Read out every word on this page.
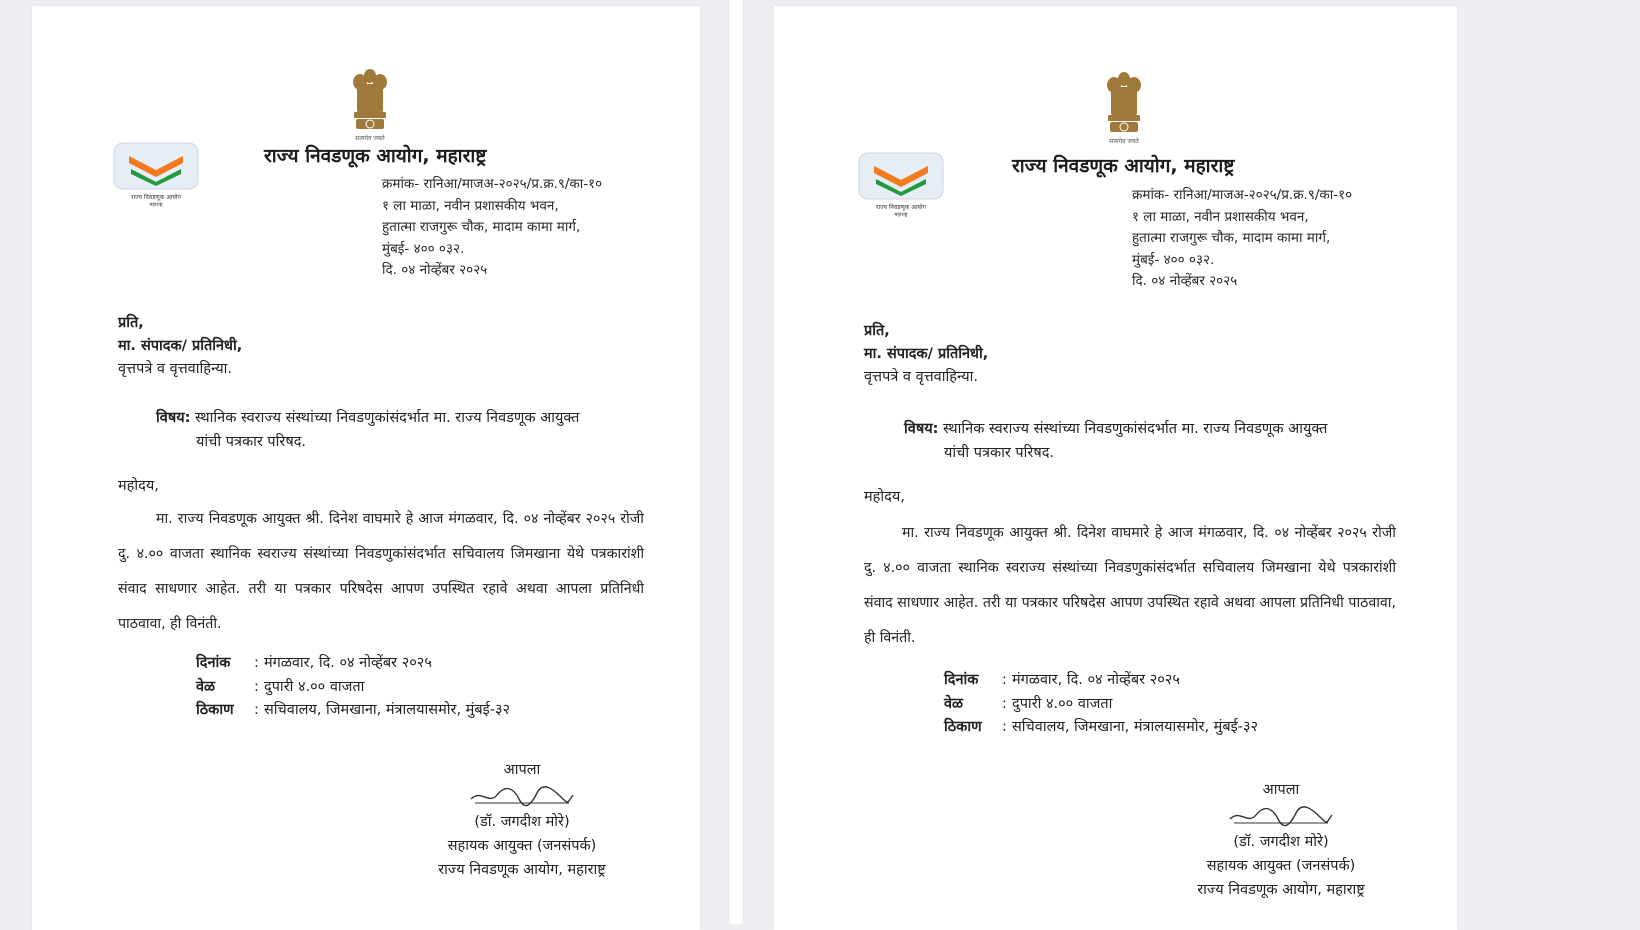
सत्यमेव जयते
राज्य निवडणूक आयोग
महाराष्ट्र
राज्य निवडणूक आयोग, महाराष्ट्र
क्रमांक- रानिआ/माजअ-२०२५/प्र.क्र.९/का-१०
१ ला माळा, नवीन प्रशासकीय भवन,
हुतात्मा राजगुरू चौक, मादाम कामा मार्ग,
मुंबई- ४०० ०३२.
दि. ०४ नोव्हेंबर २०२५
प्रति,
मा. संपादक/ प्रतिनिधी,
वृत्तपत्रे व वृत्तवाहिन्या.
विषय: स्थानिक स्वराज्य संस्थांच्या निवडणुकांसंदर्भात मा. राज्य निवडणूक आयुक्त
यांची पत्रकार परिषद.
महोदय,
मा. राज्य निवडणूक आयुक्त श्री. दिनेश वाघमारे हे आज मंगळवार, दि. ०४ नोव्हेंबर २०२५ रोजी दु. ४.०० वाजता स्थानिक स्वराज्य संस्थांच्या निवडणुकांसंदर्भात सचिवालय जिमखाना येथे पत्रकारांशी संवाद साधणार आहेत. तरी या पत्रकार परिषदेस आपण उपस्थित रहावे अथवा आपला प्रतिनिधी पाठवावा, ही विनंती.
दिनांक	: मंगळवार, दि. ०४ नोव्हेंबर २०२५
वेळ	: दुपारी ४.०० वाजता
ठिकाण	: सचिवालय, जिमखाना, मंत्रालयासमोर, मुंबई-३२
आपला
(डॉ. जगदीश मोरे)
सहायक आयुक्त (जनसंपर्क)
राज्य निवडणूक आयोग, महाराष्ट्र
सत्यमेव जयते
राज्य निवडणूक आयोग
महाराष्ट्र
राज्य निवडणूक आयोग, महाराष्ट्र
क्रमांक- रानिआ/माजअ-२०२५/प्र.क्र.९/का-१०
१ ला माळा, नवीन प्रशासकीय भवन,
हुतात्मा राजगुरू चौक, मादाम कामा मार्ग,
मुंबई- ४०० ०३२.
दि. ०४ नोव्हेंबर २०२५
प्रति,
मा. संपादक/ प्रतिनिधी,
वृत्तपत्रे व वृत्तवाहिन्या.
विषय: स्थानिक स्वराज्य संस्थांच्या निवडणुकांसंदर्भात मा. राज्य निवडणूक आयुक्त
यांची पत्रकार परिषद.
महोदय,
मा. राज्य निवडणूक आयुक्त श्री. दिनेश वाघमारे हे आज मंगळवार, दि. ०४ नोव्हेंबर २०२५ रोजी दु. ४.०० वाजता स्थानिक स्वराज्य संस्थांच्या निवडणुकांसंदर्भात सचिवालय जिमखाना येथे पत्रकारांशी संवाद साधणार आहेत. तरी या पत्रकार परिषदेस आपण उपस्थित रहावे अथवा आपला प्रतिनिधी पाठवावा, ही विनंती.
दिनांक	: मंगळवार, दि. ०४ नोव्हेंबर २०२५
वेळ	: दुपारी ४.०० वाजता
ठिकाण	: सचिवालय, जिमखाना, मंत्रालयासमोर, मुंबई-३२
आपला
(डॉ. जगदीश मोरे)
सहायक आयुक्त (जनसंपर्क)
राज्य निवडणूक आयोग, महाराष्ट्र
